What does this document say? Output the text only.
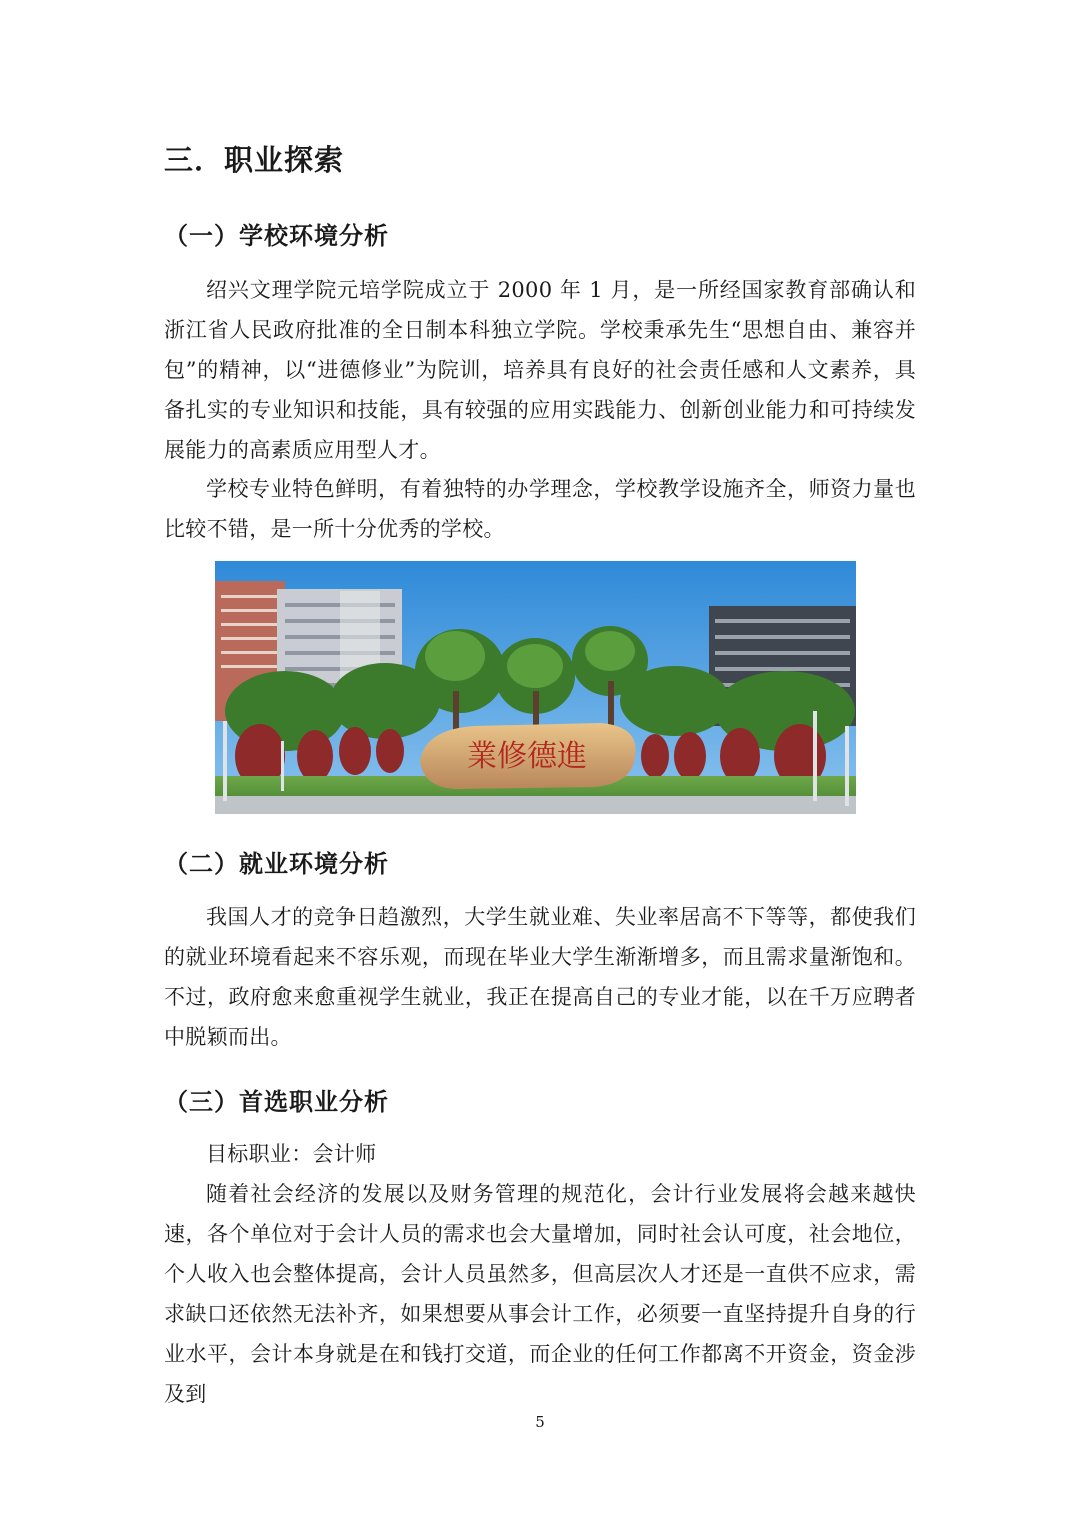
三．职业探索
（一）学校环境分析

绍兴文理学院元培学院成立于 2000 年 1 月，是一所经国家教育部确认和浙江省人民政府批准的全日制本科独立学院。学校秉承先生“思想自由、兼容并包”的精神，以“进德修业”为院训，培养具有良好的社会责任感和人文素养，具备扎实的专业知识和技能，具有较强的应用实践能力、创新创业能力和可持续发展能力的高素质应用型人才。

学校专业特色鲜明，有着独特的办学理念，学校教学设施齐全，师资力量也比较不错，是一所十分优秀的学校。

業修德進
（二）就业环境分析

我国人才的竞争日趋激烈，大学生就业难、失业率居高不下等等，都使我们的就业环境看起来不容乐观，而现在毕业大学生渐渐增多，而且需求量渐饱和。不过，政府愈来愈重视学生就业，我正在提高自己的专业才能，以在千万应聘者中脱颖而出。

（三）首选职业分析

目标职业：会计师

随着社会经济的发展以及财务管理的规范化，会计行业发展将会越来越快速，各个单位对于会计人员的需求也会大量增加，同时社会认可度，社会地位，个人收入也会整体提高，会计人员虽然多，但高层次人才还是一直供不应求，需求缺口还依然无法补齐，如果想要从事会计工作，必须要一直坚持提升自身的行业水平，会计本身就是在和钱打交道，而企业的任何工作都离不开资金，资金涉及到

5
